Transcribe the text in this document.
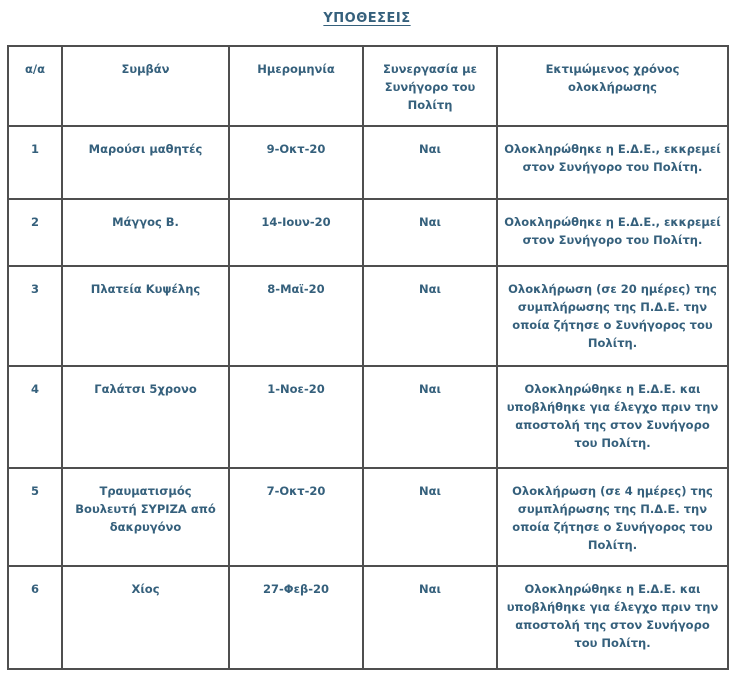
ΥΠΟΘΕΣΕΙΣ
α/α	Συμβάν	Ημερομηνία	Συνεργασία με Συνήγορο του Πολίτη	Εκτιμώμενος χρόνος ολοκλήρωσης

1	Μαρούσι μαθητές	9-Οκτ-20	Ναι	Ολοκληρώθηκε η Ε.Δ.Ε., εκκρεμεί στον Συνήγορο του Πολίτη.
2	Μάγγος Β.	14-Ιουν-20	Ναι	Ολοκληρώθηκε η Ε.Δ.Ε., εκκρεμεί στον Συνήγορο του Πολίτη.
3	Πλατεία Κυψέλης	8-Μαϊ-20	Ναι	Ολοκλήρωση (σε 20 ημέρες) της συμπλήρωσης της Π.Δ.Ε. την οποία ζήτησε ο Συνήγορος του Πολίτη.
4	Γαλάτσι 5χρονο	1-Νοε-20	Ναι	Ολοκληρώθηκε η Ε.Δ.Ε. και υποβλήθηκε για έλεγχο πριν την αποστολή της στον Συνήγορο του Πολίτη.
5	Τραυματισμός Βουλευτή ΣΥΡΙΖΑ από δακρυγόνο	7-Οκτ-20	Ναι	Ολοκλήρωση (σε 4 ημέρες) της συμπλήρωσης της Π.Δ.Ε. την οποία ζήτησε ο Συνήγορος του Πολίτη.
6	Χίος	27-Φεβ-20	Ναι	Ολοκληρώθηκε η Ε.Δ.Ε. και υποβλήθηκε για έλεγχο πριν την αποστολή της στον Συνήγορο του Πολίτη.
